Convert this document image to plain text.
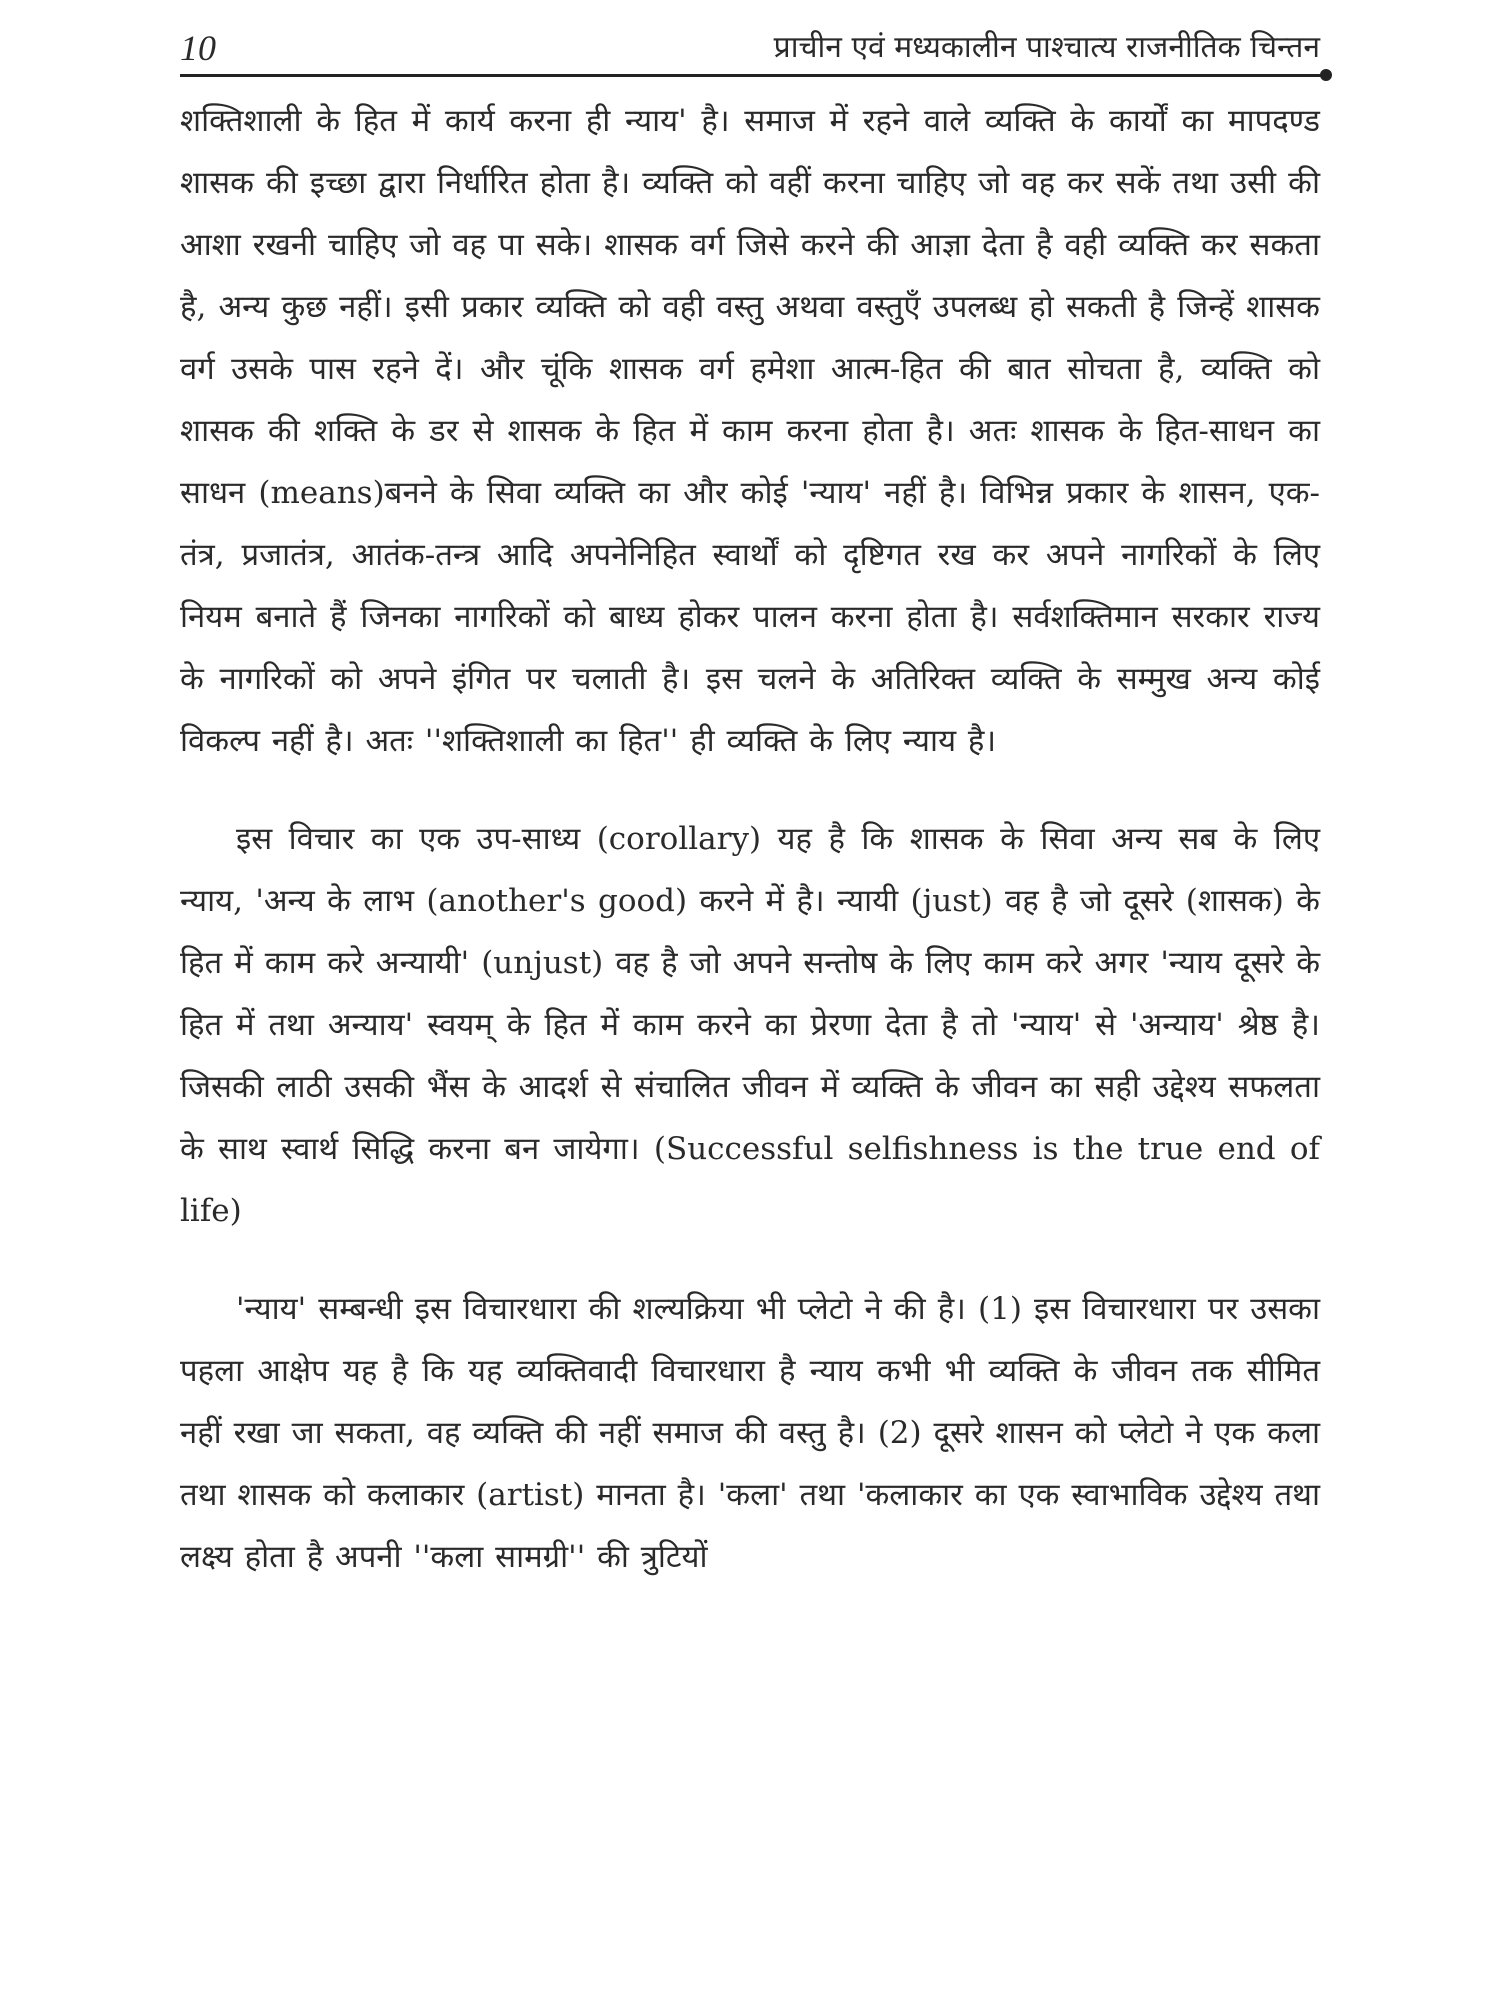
10	प्राचीन एवं मध्यकालीन पाश्चात्य राजनीतिक चिन्तन

शक्तिशाली के हित में कार्य करना ही न्याय' है। समाज में रहने वाले व्यक्ति के कार्यों का मापदण्ड शासक की इच्छा द्वारा निर्धारित होता है। व्यक्ति को वहीं करना चाहिए जो वह कर सकें तथा उसी की आशा रखनी चाहिए जो वह पा सके। शासक वर्ग जिसे करने की आज्ञा देता है वही व्यक्ति कर सकता है, अन्य कुछ नहीं। इसी प्रकार व्यक्ति को वही वस्तु अथवा वस्तुएँ उपलब्ध हो सकती है जिन्हें शासक वर्ग उसके पास रहने दें। और चूंकि शासक वर्ग हमेशा आत्म-हित की बात सोचता है, व्यक्ति को शासक की शक्ति के डर से शासक के हित में काम करना होता है। अतः शासक के हित-साधन का साधन (means)बनने के सिवा व्यक्ति का और कोई 'न्याय' नहीं है। विभिन्न प्रकार के शासन, एक-तंत्र, प्रजातंत्र, आतंक-तन्त्र आदि अपनेनिहित स्वार्थों को दृष्टिगत रख कर अपने नागरिकों के लिए नियम बनाते हैं जिनका नागरिकों को बाध्य होकर पालन करना होता है। सर्वशक्तिमान सरकार राज्य के नागरिकों को अपने इंगित पर चलाती है। इस चलने के अतिरिक्त व्यक्ति के सम्मुख अन्य कोई विकल्प नहीं है। अतः ''शक्तिशाली का हित'' ही व्यक्ति के लिए न्याय है।

इस विचार का एक उप-साध्य (corollary) यह है कि शासक के सिवा अन्य सब के लिए न्याय, 'अन्य के लाभ (another's good) करने में है। न्यायी (just) वह है जो दूसरे (शासक) के हित में काम करे अन्यायी' (unjust) वह है जो अपने सन्तोष के लिए काम करे अगर 'न्याय दूसरे के हित में तथा अन्याय' स्वयम् के हित में काम करने का प्रेरणा देता है तो 'न्याय' से 'अन्याय' श्रेष्ठ है। जिसकी लाठी उसकी भैंस के आदर्श से संचालित जीवन में व्यक्ति के जीवन का सही उद्देश्य सफलता के साथ स्वार्थ सिद्धि करना बन जायेगा। (Successful selfishness is the true end of life)

'न्याय' सम्बन्धी इस विचारधारा की शल्यक्रिया भी प्लेटो ने की है। (1) इस विचारधारा पर उसका पहला आक्षेप यह है कि यह व्यक्तिवादी विचारधारा है न्याय कभी भी व्यक्ति के जीवन तक सीमित नहीं रखा जा सकता, वह व्यक्ति की नहीं समाज की वस्तु है। (2) दूसरे शासन को प्लेटो ने एक कला तथा शासक को कलाकार (artist) मानता है। 'कला' तथा 'कलाकार का एक स्वाभाविक उद्देश्य तथा लक्ष्य होता है अपनी ''कला सामग्री'' की त्रुटियों
